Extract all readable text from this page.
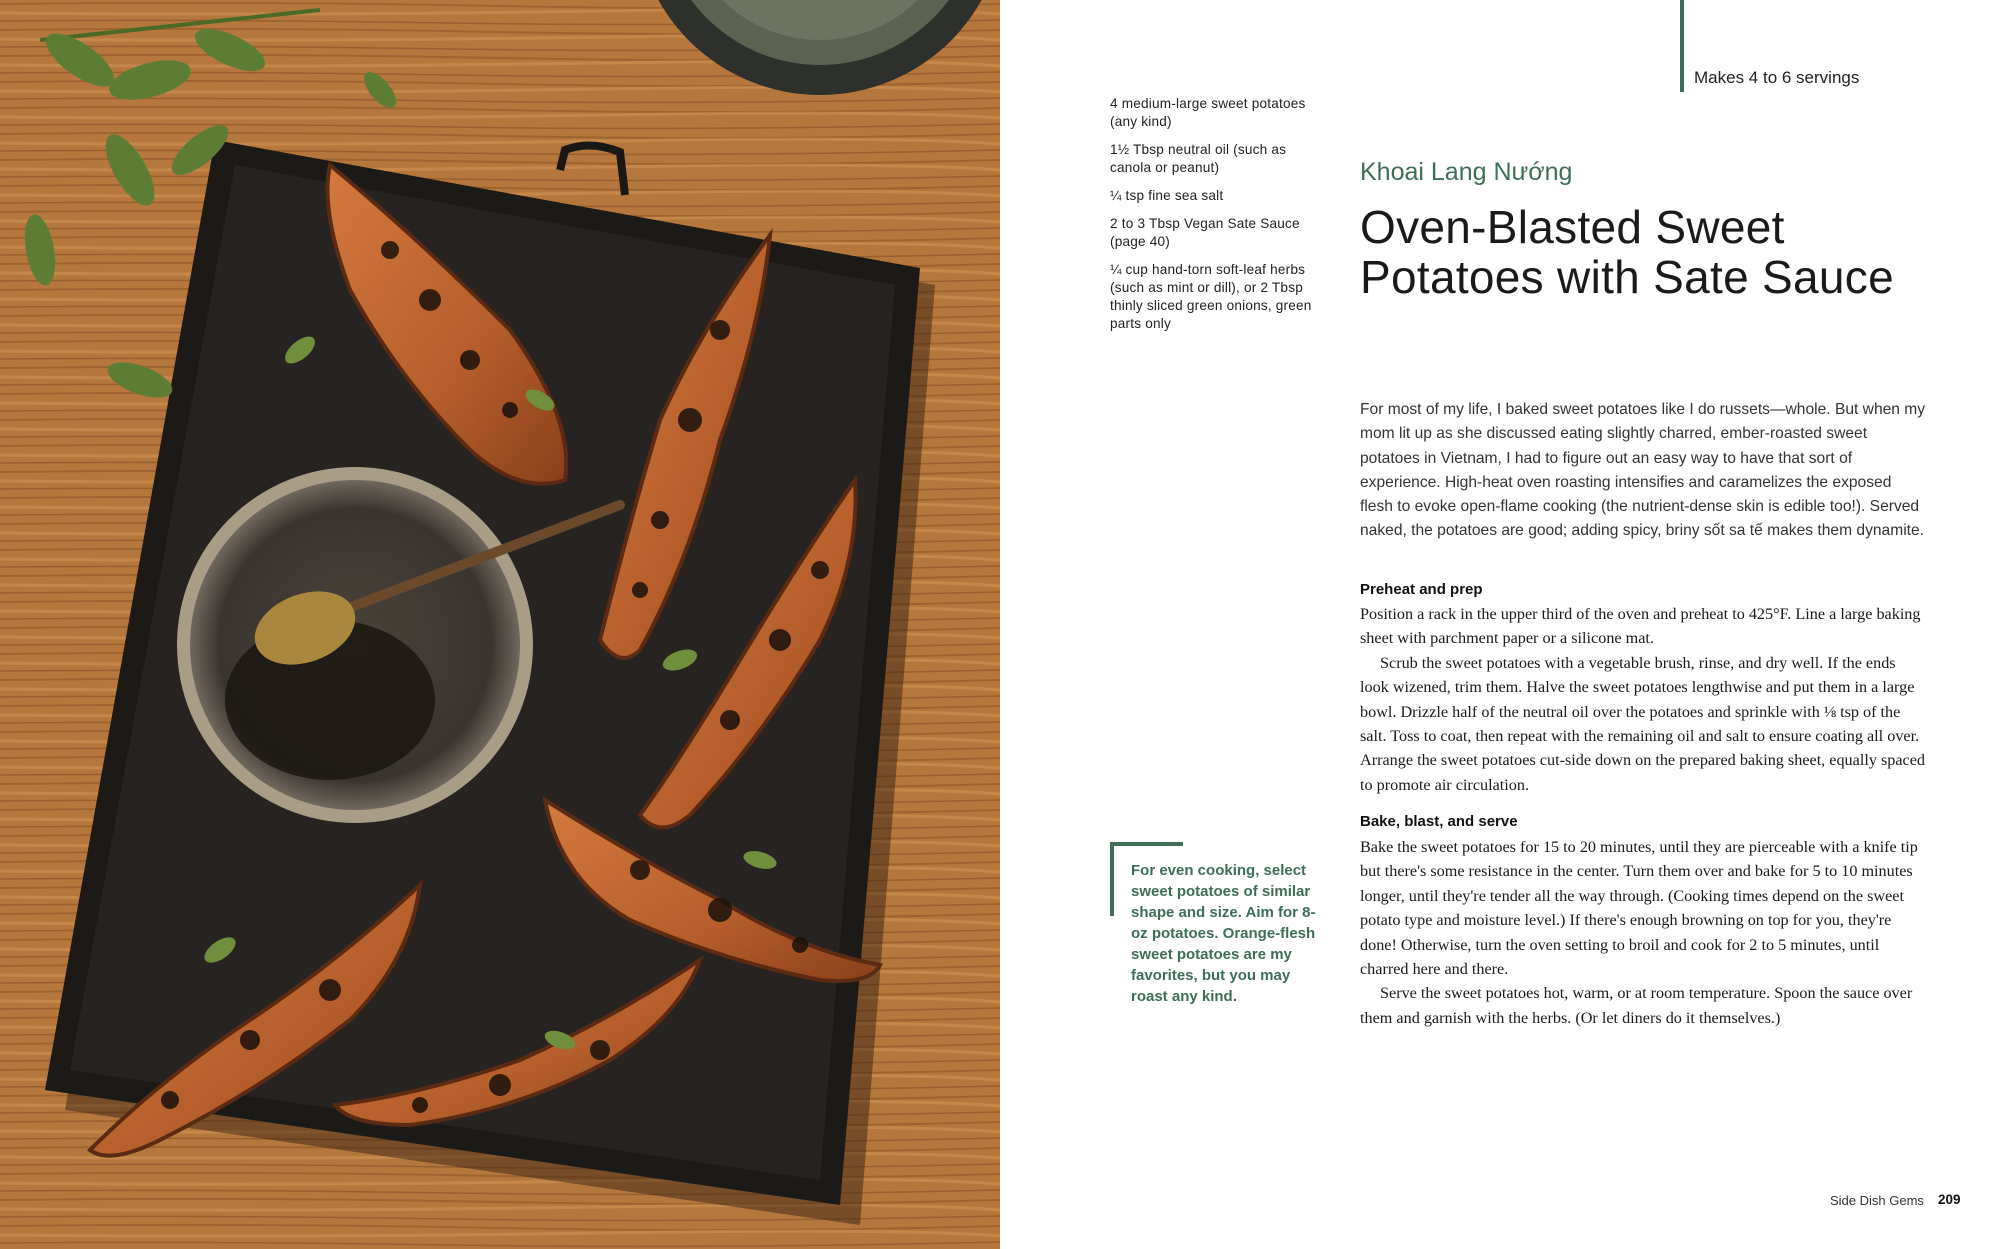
Makes 4 to 6 servings
4 medium-large sweet potatoes (any kind)
1½ Tbsp neutral oil (such as canola or peanut)
¼ tsp fine sea salt
2 to 3 Tbsp Vegan Sate Sauce (page 40)
¼ cup hand-torn soft-leaf herbs (such as mint or dill), or 2 Tbsp thinly sliced green onions, green parts only
Khoai Lang Nướng
Oven-Blasted Sweet
Potatoes with Sate Sauce
For most of my life, I baked sweet potatoes like I do russets—whole. But when my mom lit up as she discussed eating slightly charred, ember-roasted sweet potatoes in Vietnam, I had to figure out an easy way to have that sort of experience. High-heat oven roasting intensifies and caramelizes the exposed flesh to evoke open-flame cooking (the nutrient-dense skin is edible too!). Served naked, the potatoes are good; adding spicy, briny sốt sa tế makes them dynamite.
Preheat and prep

Position a rack in the upper third of the oven and preheat to 425°F. Line a large baking sheet with parchment paper or a silicone mat.

Scrub the sweet potatoes with a vegetable brush, rinse, and dry well. If the ends look wizened, trim them. Halve the sweet potatoes lengthwise and put them in a large bowl. Drizzle half of the neutral oil over the potatoes and sprinkle with ⅛ tsp of the salt. Toss to coat, then repeat with the remaining oil and salt to ensure coating all over. Arrange the sweet potatoes cut-side down on the prepared baking sheet, equally spaced to promote air circulation.

Bake, blast, and serve

Bake the sweet potatoes for 15 to 20 minutes, until they are pierceable with a knife tip but there's some resistance in the center. Turn them over and bake for 5 to 10 minutes longer, until they're tender all the way through. (Cooking times depend on the sweet potato type and moisture level.) If there's enough browning on top for you, they're done! Otherwise, turn the oven setting to broil and cook for 2 to 5 minutes, until charred here and there.

Serve the sweet potatoes hot, warm, or at room temperature. Spoon the sauce over them and garnish with the herbs. (Or let diners do it themselves.)

For even cooking, select sweet potatoes of similar shape and size. Aim for 8-oz potatoes. Orange-flesh sweet potatoes are my favorites, but you may roast any kind.
Side Dish Gems 209
